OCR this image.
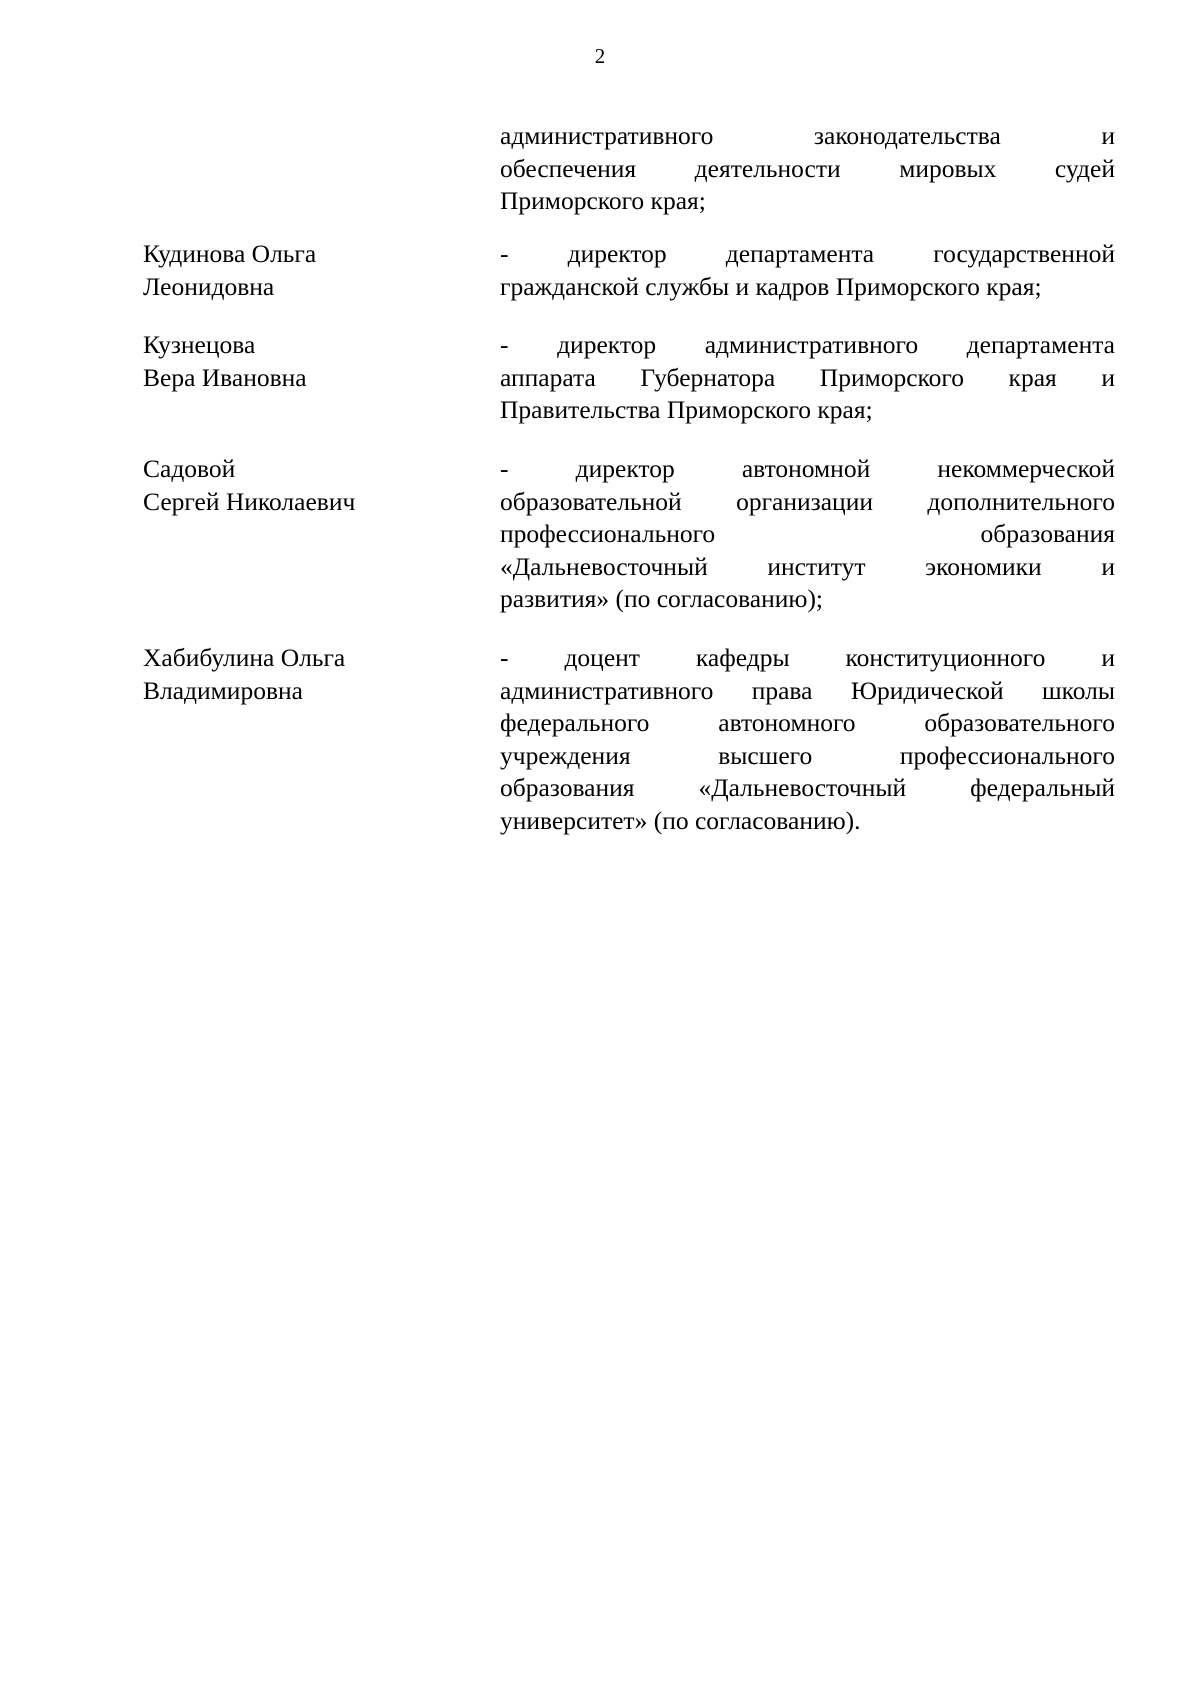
2
административного законодательства и
обеспечения деятельности мировых судей
Приморского края;
Кудинова Ольга
Леонидовна
- директор департамента государственной
гражданской службы и кадров Приморского края;
Кузнецова
Вера Ивановна
- директор административного департамента
аппарата Губернатора Приморского края и
Правительства Приморского края;
Садовой
Сергей Николаевич
- директор автономной некоммерческой
образовательной организации дополнительного
профессионального образования
«Дальневосточный институт экономики и
развития» (по согласованию);
Хабибулина Ольга
Владимировна
- доцент кафедры конституционного и
административного права Юридической школы
федерального автономного образовательного
учреждения высшего профессионального
образования «Дальневосточный федеральный
университет» (по согласованию).
